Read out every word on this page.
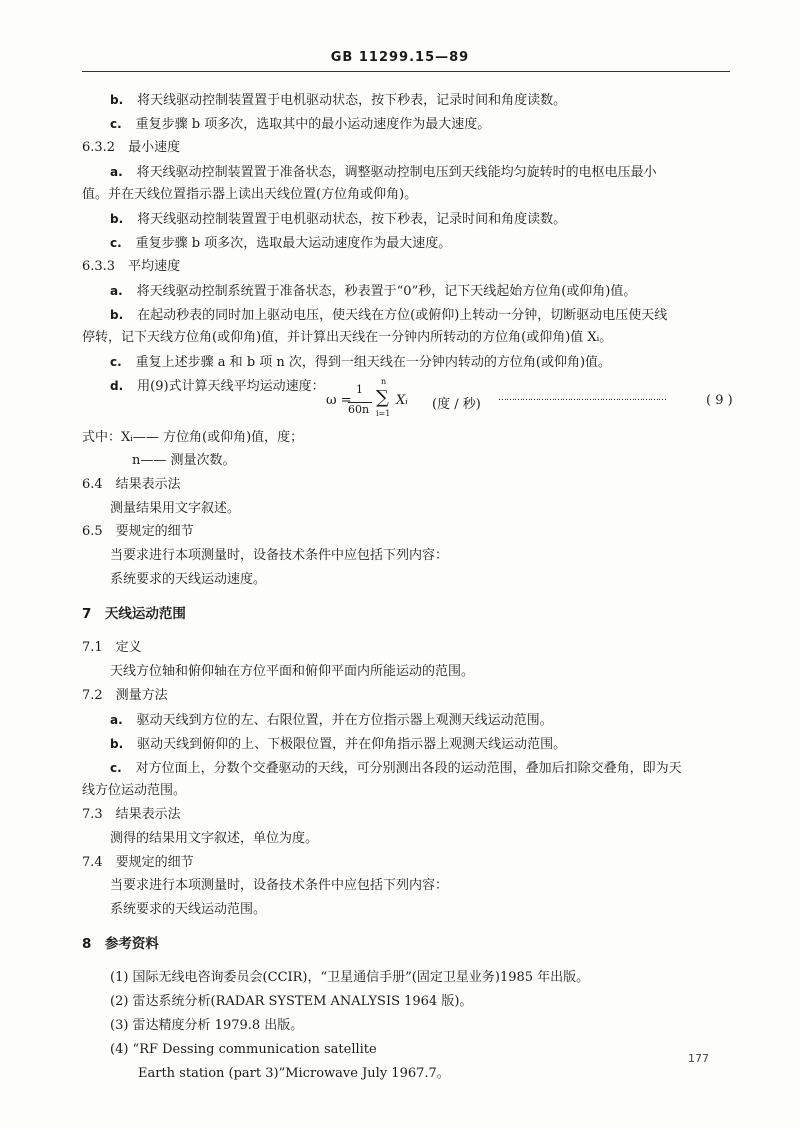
GB 11299.15—89
b. 将天线驱动控制装置置于电机驱动状态，按下秒表，记录时间和角度读数。
c. 重复步骤 b 项多次，选取其中的最小运动速度作为最大速度。
6.3.2　最小速度
a. 将天线驱动控制装置置于准备状态，调整驱动控制电压到天线能均匀旋转时的电枢电压最小
值。并在天线位置指示器上读出天线位置(方位角或仰角)。
b. 将天线驱动控制装置置于电机驱动状态，按下秒表，记录时间和角度读数。
c. 重复步骤 b 项多次，选取最大运动速度作为最大速度。
6.3.3　平均速度
a. 将天线驱动控制系统置于准备状态，秒表置于“0”秒，记下天线起始方位角(或仰角)值。
b. 在起动秒表的同时加上驱动电压，使天线在方位(或俯仰)上转动一分钟，切断驱动电压使天线
停转，记下天线方位角(或仰角)值，并计算出天线在一分钟内所转动的方位角(或仰角)值 Xᵢ。
c. 重复上述步骤 a 和 b 项 n 次，得到一组天线在一分钟内转动的方位角(或仰角)值。
d. 用(9)式计算天线平均运动速度：
式中：Xᵢ—— 方位角(或仰角)值，度；
n—— 测量次数。
6.4　结果表示法
测量结果用文字叙述。
6.5　要规定的细节
当要求进行本项测量时，设备技术条件中应包括下列内容：
系统要求的天线运动速度。
7　天线运动范围
7.1　定义
天线方位轴和俯仰轴在方位平面和俯仰平面内所能运动的范围。
7.2　测量方法
a. 驱动天线到方位的左、右限位置，并在方位指示器上观测天线运动范围。
b. 驱动天线到俯仰的上、下极限位置，并在仰角指示器上观测天线运动范围。
c. 对方位面上，分数个交叠驱动的天线，可分别测出各段的运动范围，叠加后扣除交叠角，即为天
线方位运动范围。
7.3　结果表示法
测得的结果用文字叙述，单位为度。
7.4　要规定的细节
当要求进行本项测量时，设备技术条件中应包括下列内容：
系统要求的天线运动范围。
8　参考资料
(1) 国际无线电咨询委员会(CCIR)，“卫星通信手册”(固定卫星业务)1985 年出版。
(2) 雷达系统分析(RADAR SYSTEM ANALYSIS 1964 版)。
(3) 雷达精度分析 1979.8 出版。
(4) “RF Dessing communication satellite
Earth station (part 3)”Microwave July 1967.7。
ω =
1
60n
n
∑
i=1
Xᵢ (度 / 秒) ………………………………………………………	( 9 )
177
